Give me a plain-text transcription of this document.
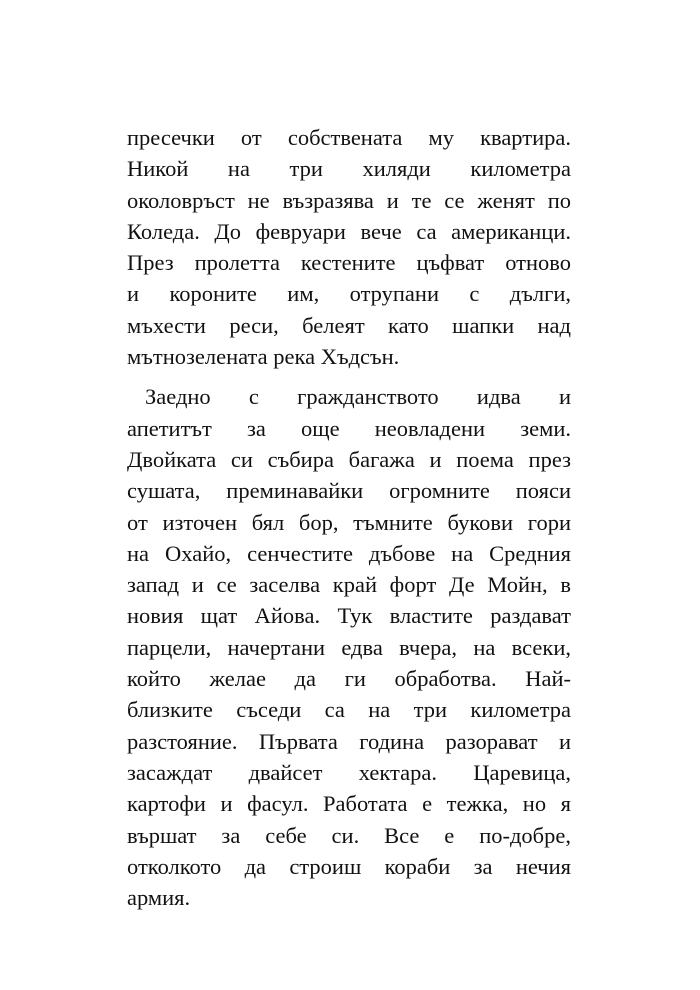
пресечки от собствената му квартира.
Никой на три хиляди километра
околовръст не възразява и те се женят по
Коледа. До февруари вече са американци.
През пролетта кестените цъфват отново
и короните им, отрупани с дълги,
мъхести реси, белеят като шапки над
мътнозелената река Хъдсън.

Заедно с гражданството идва и
апетитът за още неовладени земи.
Двойката си събира багажа и поема през
сушата, преминавайки огромните пояси
от източен бял бор, тъмните букови гори
на Охайо, сенчестите дъбове на Средния
запад и се заселва край форт Де Мойн, в
новия щат Айова. Тук властите раздават
парцели, начертани едва вчера, на всеки,
който желае да ги обработва. Най-
близките съседи са на три километра
разстояние. Първата година разорават и
засаждат двайсет хектара. Царевица,
картофи и фасул. Работата е тежка, но я
вършат за себе си. Все е по-добре,
отколкото да строиш кораби за нечия
армия.
